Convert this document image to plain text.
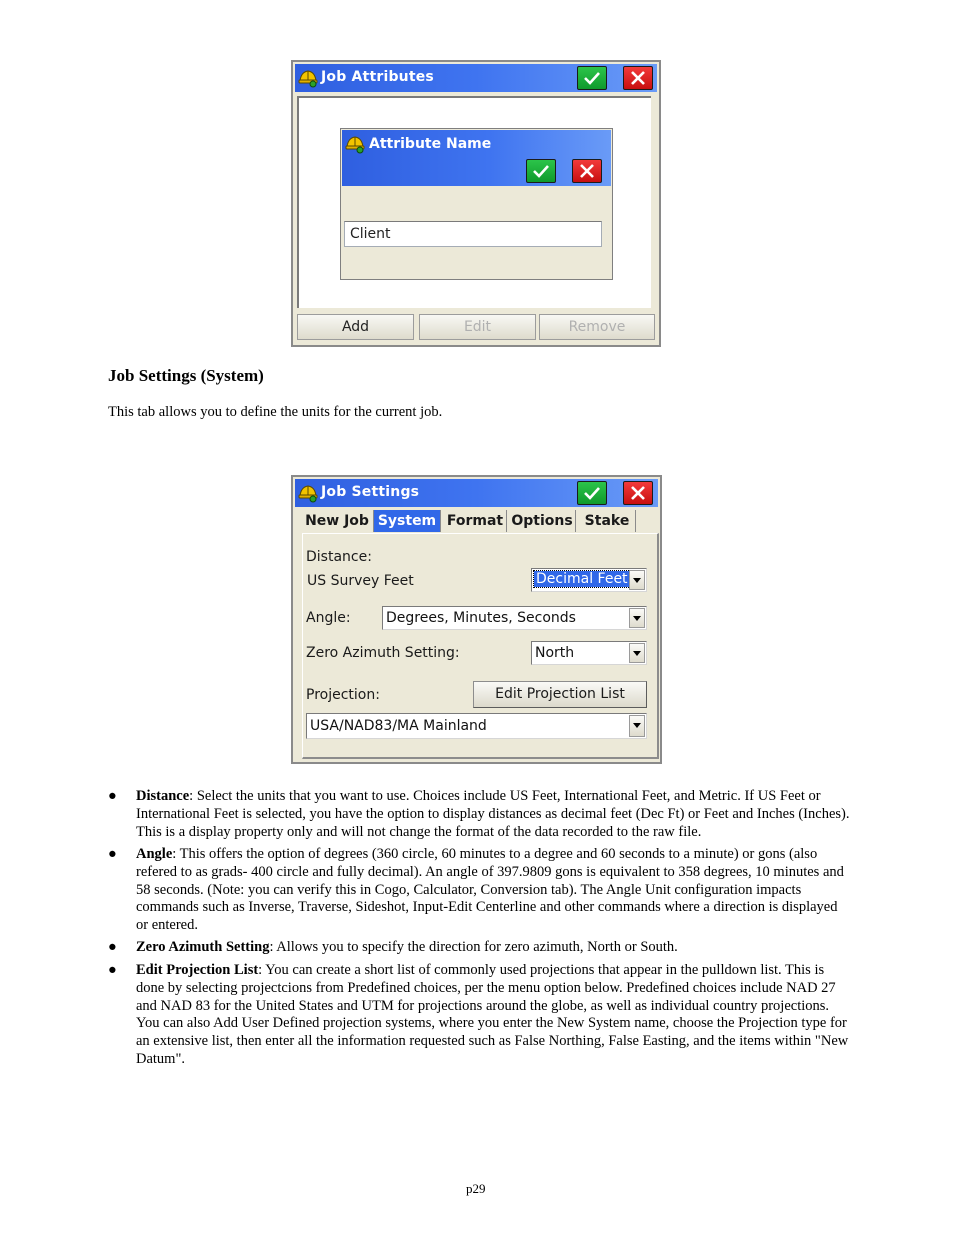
Job Attributes
Attribute Name
Client
Add	Edit	Remove
Job Settings (System)
This tab allows you to define the units for the current job.
Job Settings
New Job System Format Options Stake
Distance:
US Survey Feet	Decimal Feet
Angle:	Degrees, Minutes, Seconds
Zero Azimuth Setting:	North
Projection:	Edit Projection List
USA/NAD83/MA Mainland
● Distance: Select the units that you want to use. Choices include US Feet, International Feet, and Metric. If US Feet or International Feet is selected, you have the option to display distances as decimal feet (Dec Ft) or Feet and Inches (Inches). This is a display property only and will not change the format of the data recorded to the raw file.
● Angle: This offers the option of degrees (360 circle, 60 minutes to a degree and 60 seconds to a minute) or gons (also refered to as grads- 400 circle and fully decimal). An angle of 397.9809 gons is equivalent to 358 degrees, 10 minutes and 58 seconds. (Note: you can verify this in Cogo, Calculator, Conversion tab). The Angle Unit configuration impacts commands such as Inverse, Traverse, Sideshot, Input-Edit Centerline and other commands where a direction is displayed or entered.
● Zero Azimuth Setting: Allows you to specify the direction for zero azimuth, North or South.
● Edit Projection List: You can create a short list of commonly used projections that appear in the pulldown list. This is done by selecting projectcions from Predefined choices, per the menu option below. Predefined choices include NAD 27 and NAD 83 for the United States and UTM for projections around the globe, as well as individual country projections. You can also Add User Defined projection systems, where you enter the New System name, choose the Projection type for an extensive list, then enter all the information requested such as False Northing, False Easting, and the items within "New Datum".
p29
